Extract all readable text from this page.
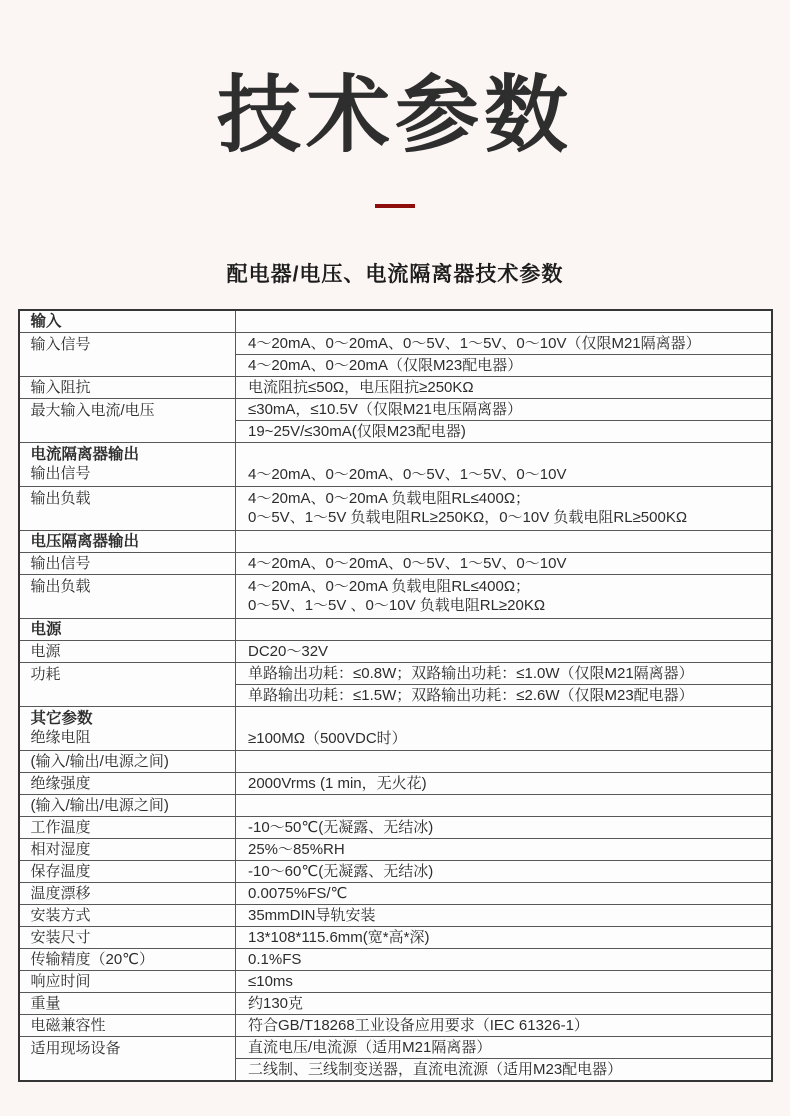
技术参数
配电器/电压、电流隔离器技术参数
输入	
输入信号	4～20mA、0～20mA、0～5V、1～5V、0～10V（仅限M21隔离器）
	4～20mA、0～20mA（仅限M23配电器）
输入阻抗	电流阻抗≤50Ω，电压阻抗≥250KΩ
最大输入电流/电压	≤30mA，≤10.5V（仅限M21电压隔离器）
	19~25V/≤30mA(仅限M23配电器)

电流隔离器输出
输出信号	4～20mA、0～20mA、0～5V、1～5V、0～10V
输出负载	4～20mA、0～20mA 负载电阻RL≤400Ω；
0～5V、1～5V 负载电阻RL≥250KΩ，0～10V 负载电阻RL≥500KΩ

电压隔离器输出	
输出信号	4～20mA、0～20mA、0～5V、1～5V、0～10V
输出负载	4～20mA、0～20mA 负载电阻RL≤400Ω；
0～5V、1～5V 、0～10V 负载电阻RL≥20KΩ

电源	
电源	DC20～32V
功耗	单路输出功耗：≤0.8W；双路输出功耗：≤1.0W（仅限M21隔离器）
	单路输出功耗：≤1.5W；双路输出功耗：≤2.6W（仅限M23配电器）

其它参数
绝缘电阻	≥100MΩ（500VDC时）
(输入/输出/电源之间)	
绝缘强度	2000Vrms (1 min，无火花)
(输入/输出/电源之间)	
工作温度	-10～50℃(无凝露、无结冰)
相对湿度	25%～85%RH
保存温度	-10～60℃(无凝露、无结冰)
温度漂移	0.0075%FS/℃
安装方式	35mmDIN导轨安装
安装尺寸	13*108*115.6mm(宽*高*深)
传输精度（20℃）	0.1%FS
响应时间	≤10ms
重量	约130克
电磁兼容性	符合GB/T18268工业设备应用要求（IEC 61326-1）
适用现场设备	直流电压/电流源（适用M21隔离器）
	二线制、三线制变送器，直流电流源（适用M23配电器）
